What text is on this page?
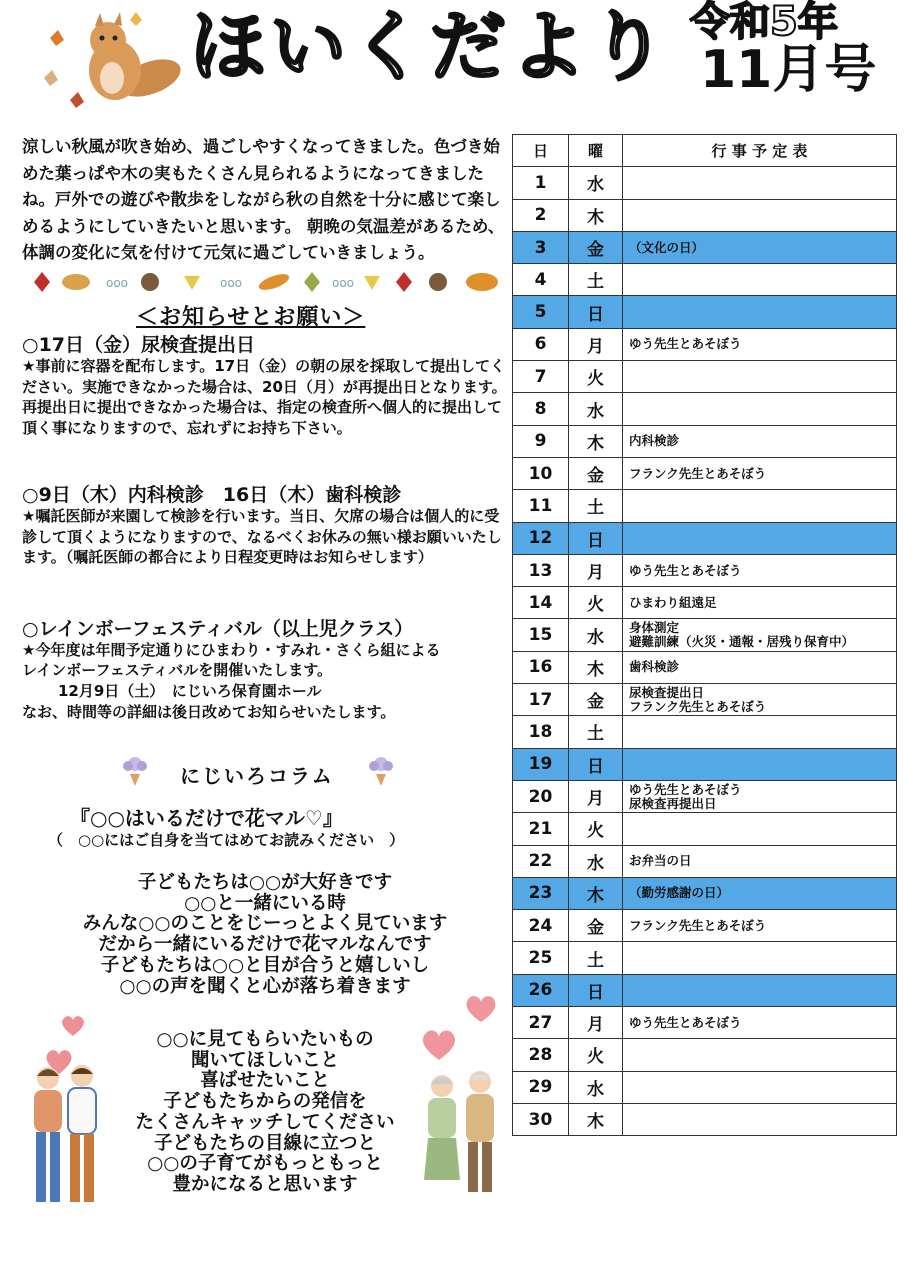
ほいくだより 令和5年
11月号
涼しい秋風が吹き始め、過ごしやすくなってきました。色づき始めた葉っぱや木の実もたくさん見られるようになってきましたね。戸外での遊びや散歩をしながら秋の自然を十分に感じて楽しめるようにしていきたいと思います。 朝晩の気温差があるため、体調の変化に気を付けて元気に過ごしていきましょう。
ooo	ooo	ooo
＜お知らせとお願い＞
○17日（金）尿検査提出日
★事前に容器を配布します。17日（金）の朝の尿を採取して提出してください。実施できなかった場合は、20日（月）が再提出日となります。再提出日に提出できなかった場合は、指定の検査所へ個人的に提出して頂く事になりますので、忘れずにお持ち下さい。
○9日（木）内科検診　16日（木）歯科検診
★嘱託医師が来園して検診を行います。当日、欠席の場合は個人的に受診して頂くようになりますので、なるべくお休みの無い様お願いいたします。（嘱託医師の都合により日程変更時はお知らせします）
○レインボーフェスティバル（以上児クラス）
★今年度は年間予定通りにひまわり・すみれ・さくら組による
レインボーフェスティバルを開催いたします。
12月9日（土）　にじいろ保育園ホール
なお、時間等の詳細は後日改めてお知らせいたします。
にじいろコラム
『○○はいるだけで花マル♡』
（　○○にはご自身を当てはめてお読みください　）
子どもたちは○○が大好きです
○○と一緒にいる時
みんな○○のことをじーっとよく見ています
だから一緒にいるだけで花マルなんです
子どもたちは○○と目が合うと嬉しいし
○○の声を聞くと心が落ち着きます
○○に見てもらいたいもの
聞いてほしいこと
喜ばせたいこと
子どもたちからの発信を
たくさんキャッチしてください
子どもたちの目線に立つと
○○の子育てがもっともっと
豊かになると思います
日	曜	行 事 予 定 表
1	水	
2	木	
3	金	（文化の日）
4	土	
5	日	
6	月	ゆう先生とあそぼう
7	火	
8	水	
9	木	内科検診
10	金	フランク先生とあそぼう
11	土	
12	日	
13	月	ゆう先生とあそぼう
14	火	ひまわり組遠足
15	水	身体測定
避難訓練（火災・通報・居残り保育中）
16	木	歯科検診
17	金	尿検査提出日
フランク先生とあそぼう
18	土	
19	日	
20	月	ゆう先生とあそぼう
尿検査再提出日
21	火	
22	水	お弁当の日
23	木	（勤労感謝の日）
24	金	フランク先生とあそぼう
25	土	
26	日	
27	月	ゆう先生とあそぼう
28	火	
29	水	
30	木	
